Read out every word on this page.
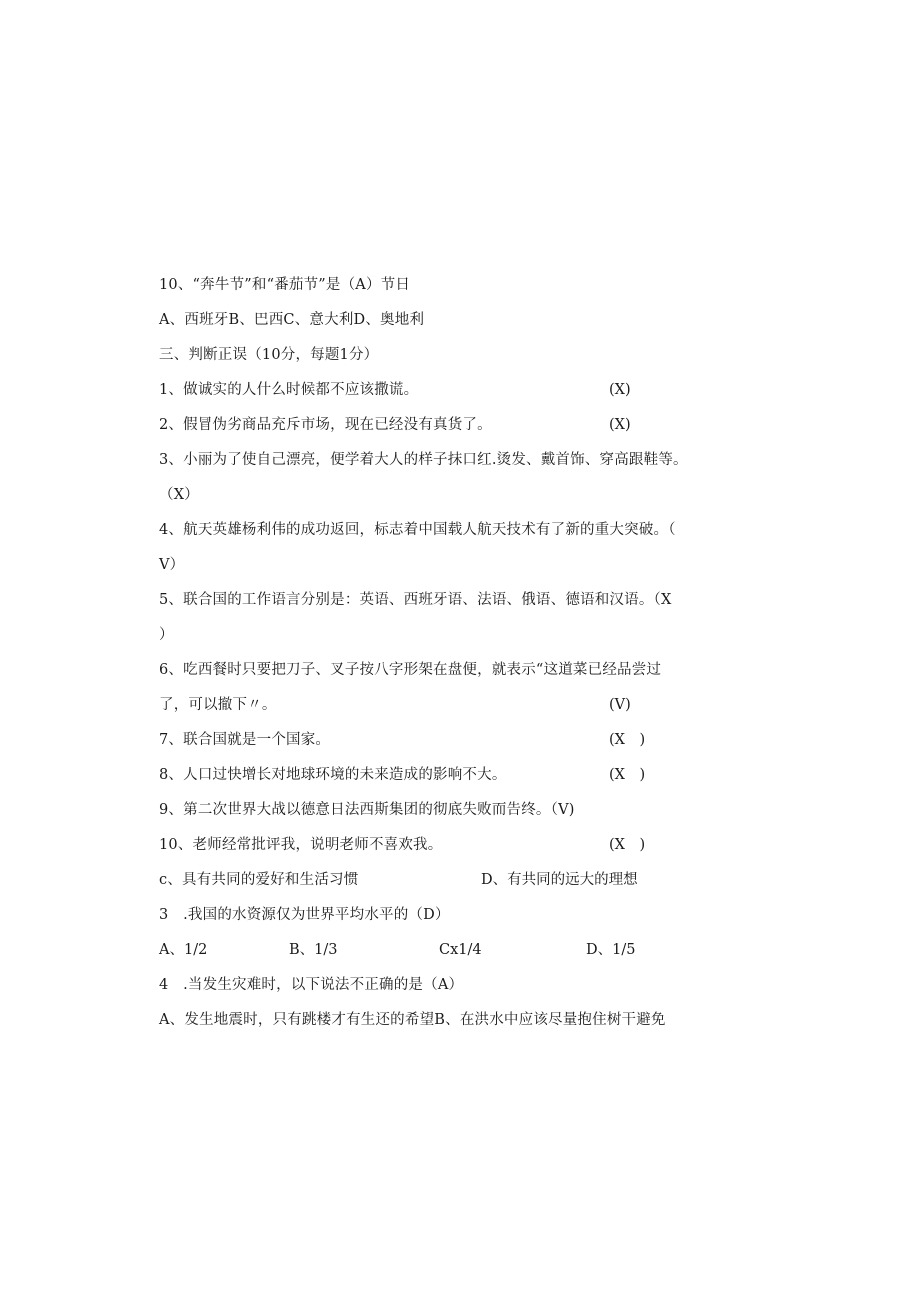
10、“奔牛节”和“番茄节”是（A）节日
A、西班牙B、巴西C、意大利D、奥地利
三、判断正误（10分，每题1分）
1、做诚实的人什么时候都不应该撒谎。	(X)
2、假冒伪劣商品充斥市场，现在已经没有真货了。	(X)
3、小丽为了使自己漂亮，便学着大人的样子抹口红.烫发、戴首饰、穿高跟鞋等。
（X）
4、航天英雄杨利伟的成功返回，标志着中国载人航天技术有了新的重大突破。（
V）
5、联合国的工作语言分别是：英语、西班牙语、法语、俄语、德语和汉语。（X
）
6、吃西餐时只要把刀子、叉子按八字形架在盘便，就表示“这道菜已经品尝过
了，可以撤下〃。	(V)
7、联合国就是一个国家。	(X　)
8、人口过快增长对地球环境的未来造成的影响不大。	(X　)
9、第二次世界大战以德意日法西斯集团的彻底失败而告终。（V)
10、老师经常批评我，说明老师不喜欢我。	(X　)
c、具有共同的爱好和生活习惯	D、有共同的远大的理想
3　.我国的水资源仅为世界平均水平的（D）
A、1/2	B、1/3	Cx1/4	D、1/5
4　.当发生灾难时，以下说法不正确的是（A）
A、发生地震时，只有跳楼才有生还的希望B、在洪水中应该尽量抱住树干避免
